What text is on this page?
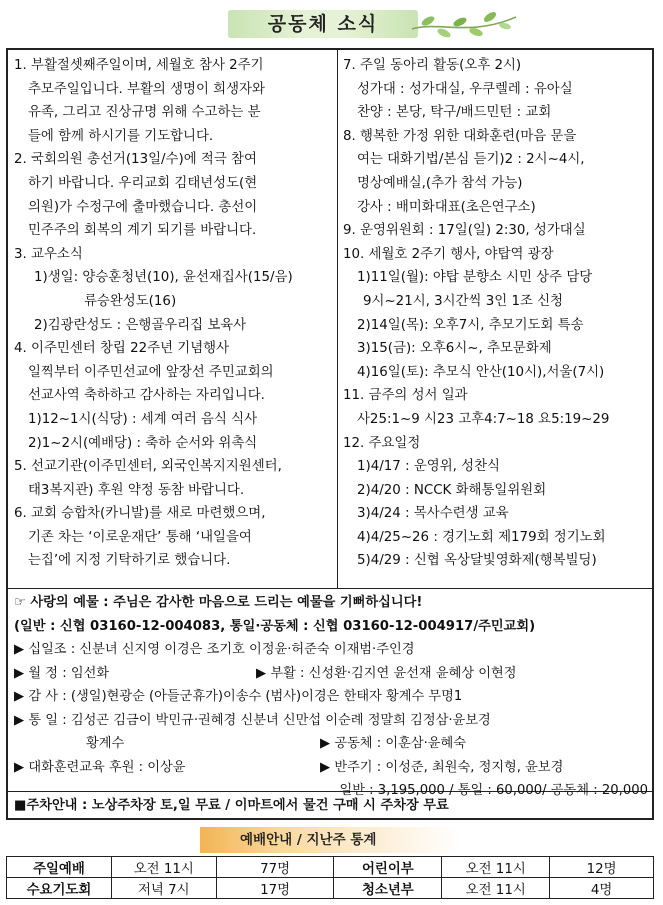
공동체 소식
1. 부활절셋째주일이며, 세월호 참사 2주기
추모주일입니다. 부활의 생명이 희생자와
유족, 그리고 진상규명 위해 수고하는 분
들에 함께 하시기를 기도합니다.
2. 국회의원 총선거(13일/수)에 적극 참여
하기 바랍니다. 우리교회 김태년성도(현
의원)가 수정구에 출마했습니다. 총선이
민주주의 회복의 계기 되기를 바랍니다.
3. 교우소식
1)생일: 양승훈청년(10), 윤선재집사(15/음)
류승완성도(16)
2)김광란성도 : 은행골우리집 보육사
4. 이주민센터 창립 22주년 기념행사
일찍부터 이주민선교에 앞장선 주민교회의
선교사역 축하하고 감사하는 자리입니다.
1)12~1시(식당) : 세계 여러 음식 식사
2)1~2시(예배당) : 축하 순서와 위촉식
5. 선교기관(이주민센터, 외국인복지지원센터,
태3복지관) 후원 약정 동참 바랍니다.
6. 교회 승합차(카니발)를 새로 마련했으며,
기존 차는 ‘이로운재단’ 통해 ‘내일을여
는집’에 지정 기탁하기로 했습니다.
7. 주일 동아리 활동(오후 2시)
성가대 : 성가대실, 우쿠렐레 : 유아실
찬양 : 본당, 탁구/배드민턴 : 교회
8. 행복한 가정 위한 대화훈련(마음 문을
여는 대화기법/본심 듣기)2 : 2시~4시,
명상예배실,(추가 참석 가능)
강사 : 배미화대표(초은연구소)
9. 운영위원회 : 17일(일) 2:30, 성가대실
10. 세월호 2주기 행사, 야탑역 광장
1)11일(월): 야탑 분향소 시민 상주 담당
9시~21시, 3시간씩 3인 1조 신청
2)14일(목): 오후7시, 추모기도회 특송
3)15(금): 오후6시~, 추모문화제
4)16일(토): 추모식 안산(10시),서울(7시)
11. 금주의 성서 일과
사25:1~9 시23 고후4:7~18 요5:19~29
12. 주요일정
1)4/17 : 운영위, 성찬식
2)4/20 : NCCK 화해통일위원회
3)4/24 : 목사수련생 교육
4)4/25~26 : 경기노회 제179회 정기노회
5)4/29 : 신협 옥상달빛영화제(행복빌딩)
☞ 사랑의 예물 : 주님은 감사한 마음으로 드리는 예물을 기뻐하십니다!
(일반 : 신협 03160-12-004083, 통일·공동체 : 신협 03160-12-004917/주민교회)
▶ 십일조 : 신분녀 신지영 이경은 조기호 이정윤·허준숙 이재범·주인경
▶ 월 정 : 임선화	▶ 부활 : 신성환·김지연 윤선재 윤혜상 이현정
▶ 감 사 : (생일)현광순 (아들군휴가)이송수 (범사)이경은 한태자 황계수 무명1
▶ 통 일 : 김성곤 김금이 박민규·권혜경 신분녀 신만섭 이순례 정말희 김정삼·윤보경
황계수	▶ 공동체 : 이훈삼·윤혜숙
▶ 대화훈련교육 후원 : 이상윤	▶ 반주기 : 이성준, 최원숙, 정지형, 윤보경
일반 : 3,195,000 / 통일 : 60,000/ 공동체 : 20,000
■주차안내 : 노상주차장 토,일 무료 / 이마트에서 물건 구매 시 주차장 무료
예배안내 / 지난주 통계
주일예배	오전 11시	77명	어린이부	오전 11시	12명
수요기도회	저녁 7시	17명	청소년부	오전 11시	4명
